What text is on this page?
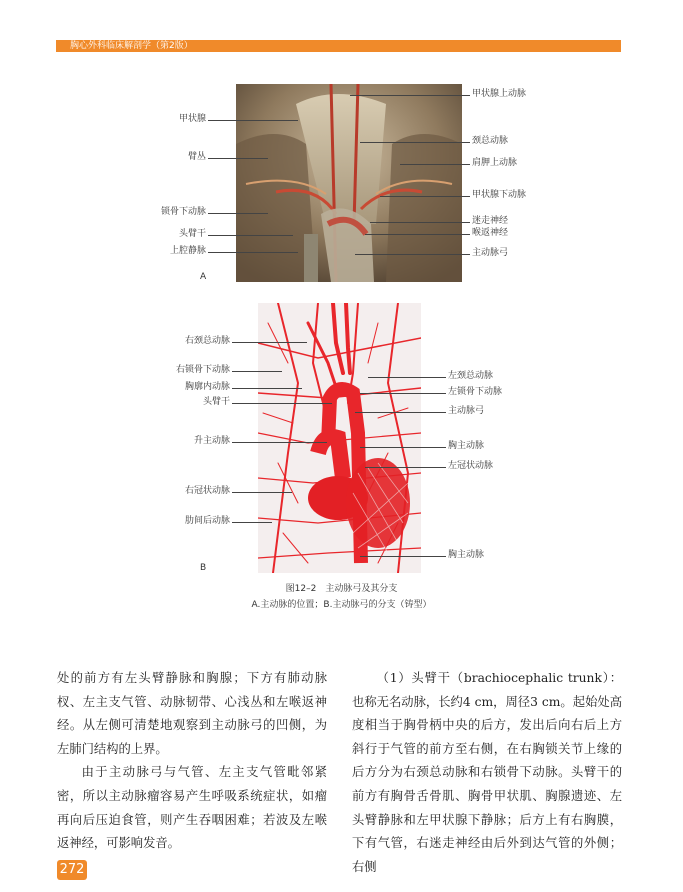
胸心外科临床解剖学（第2版）
甲状腺
臂丛
锁骨下动脉
头臂干
上腔静脉
甲状腺上动脉
颈总动脉
肩胛上动脉
甲状腺下动脉
迷走神经
喉返神经
主动脉弓
A
右颈总动脉
右锁骨下动脉
胸廓内动脉
头臂干
升主动脉
右冠状动脉
肋间后动脉
左颈总动脉
左锁骨下动脉
主动脉弓
胸主动脉
左冠状动脉
胸主动脉
B
图12–2　主动脉弓及其分支
A.主动脉的位置；B.主动脉弓的分支（铸型）

处的前方有左头臂静脉和胸腺；下方有肺动脉杈、左主支气管、动脉韧带、心浅丛和左喉返神经。从左侧可清楚地观察到主动脉弓的凹侧，为左肺门结构的上界。

由于主动脉弓与气管、左主支气管毗邻紧密，所以主动脉瘤容易产生呼吸系统症状，如瘤再向后压迫食管，则产生吞咽困难；若波及左喉返神经，可影响发音。

（1）头臂干（brachiocephalic trunk）：也称无名动脉，长约4 cm，周径3 cm。起始处高度相当于胸骨柄中央的后方，发出后向右后上方斜行于气管的前方至右侧，在右胸锁关节上缘的后方分为右颈总动脉和右锁骨下动脉。头臂干的前方有胸骨舌骨肌、胸骨甲状肌、胸腺遗迹、左头臂静脉和左甲状腺下静脉；后方上有右胸膜，下有气管，右迷走神经由后外到达气管的外侧；右侧

272
